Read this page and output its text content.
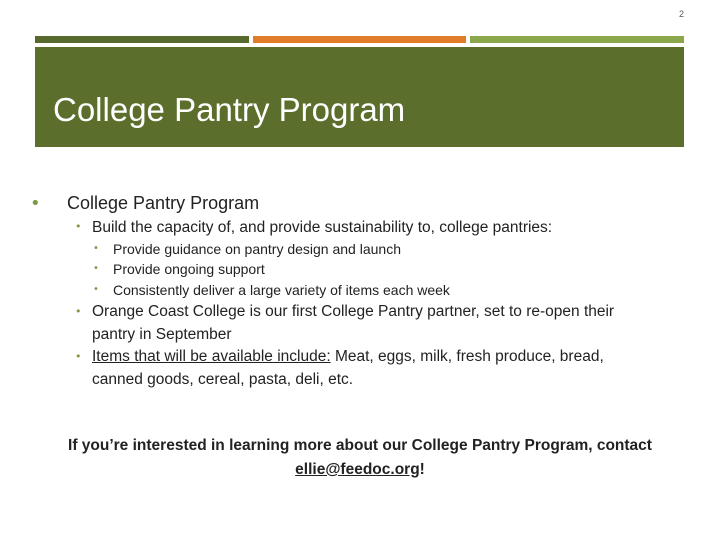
2
College Pantry Program
• College Pantry Program
• Build the capacity of, and provide sustainability to, college pantries:
• Provide guidance on pantry design and launch
• Provide ongoing support
• Consistently deliver a large variety of items each week
• Orange Coast College is our first College Pantry partner, set to re-open their
pantry in September
• Items that will be available include: Meat, eggs, milk, fresh produce, bread,
canned goods, cereal, pasta, deli, etc.
If you’re interested in learning more about our College Pantry Program, contact
ellie@feedoc.org!
